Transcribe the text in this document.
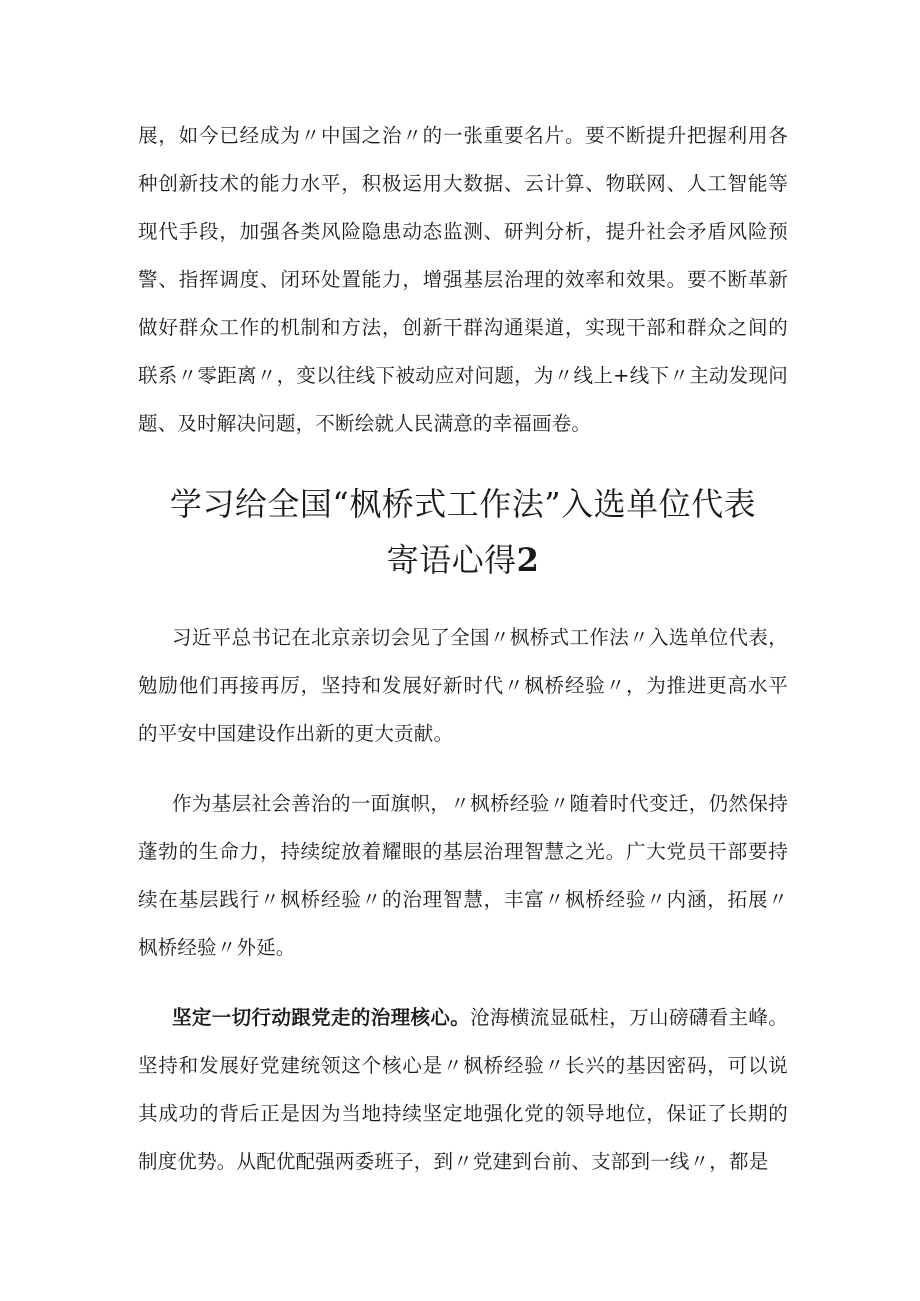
展，如今已经成为〃中国之治〃的一张重要名片。要不断提升把握利用各种创新技术的能力水平，积极运用大数据、云计算、物联网、人工智能等现代手段，加强各类风险隐患动态监测、研判分析，提升社会矛盾风险预警、指挥调度、闭环处置能力，增强基层治理的效率和效果。要不断革新做好群众工作的机制和方法，创新干群沟通渠道，实现干部和群众之间的联系〃零距离〃，变以往线下被动应对问题，为〃线上+线下〃主动发现问题、及时解决问题，不断绘就人民满意的幸福画卷。

学习给全国“枫桥式工作法”入选单位代表
寄语心得2

习近平总书记在北京亲切会见了全国〃枫桥式工作法〃入选单位代表，勉励他们再接再厉，坚持和发展好新时代〃枫桥经验〃，为推进更高水平的平安中国建设作出新的更大贡献。

作为基层社会善治的一面旗帜，〃枫桥经验〃随着时代变迁，仍然保持蓬勃的生命力，持续绽放着耀眼的基层治理智慧之光。广大党员干部要持续在基层践行〃枫桥经验〃的治理智慧，丰富〃枫桥经验〃内涵，拓展〃枫桥经验〃外延。

坚定一切行动跟党走的治理核心。沧海横流显砥柱，万山磅礴看主峰。坚持和发展好党建统领这个核心是〃枫桥经验〃长兴的基因密码，可以说其成功的背后正是因为当地持续坚定地强化党的领导地位，保证了长期的制度优势。从配优配强两委班子，到〃党建到台前、支部到一线〃，都是
